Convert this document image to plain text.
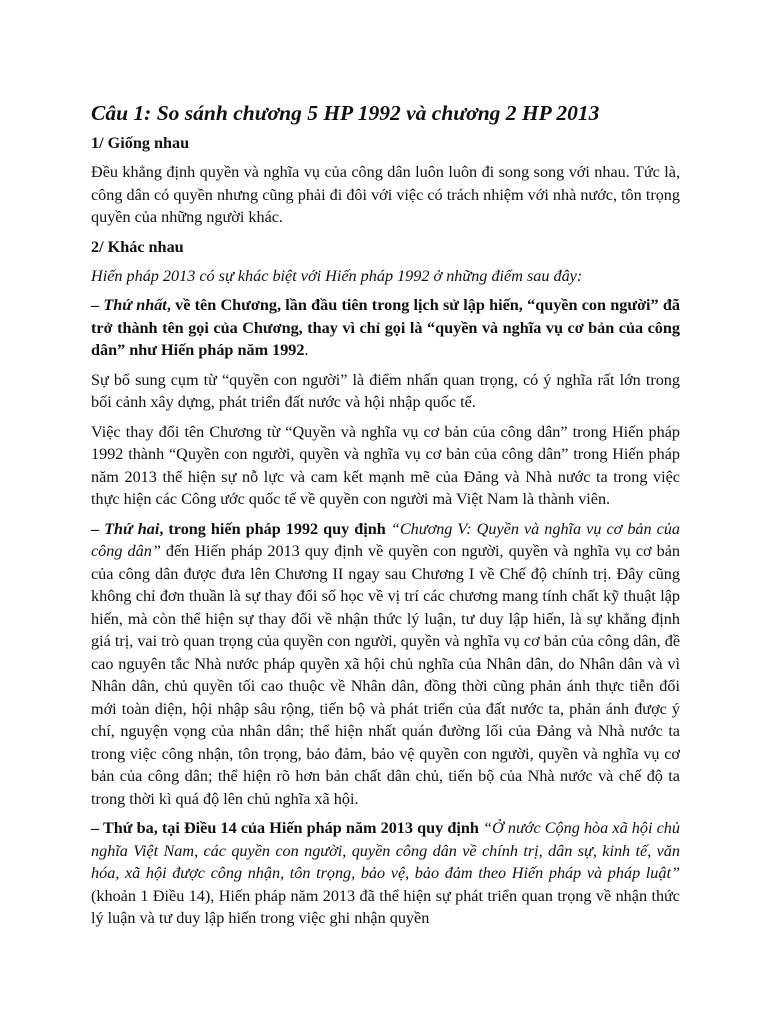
Câu 1: So sánh chương 5 HP 1992 và chương 2 HP 2013
1/ Giống nhau

Đều khẳng định quyền và nghĩa vụ của công dân luôn luôn đi song song với nhau. Tức là, công dân có quyền nhưng cũng phải đi đôi với việc có trách nhiệm với nhà nước, tôn trọng quyền của những người khác.

2/ Khác nhau

Hiến pháp 2013 có sự khác biệt với Hiến pháp 1992 ở những điểm sau đây:

– Thứ nhất, về tên Chương, lần đầu tiên trong lịch sử lập hiến, “quyền con người” đã trở thành tên gọi của Chương, thay vì chỉ gọi là “quyền và nghĩa vụ cơ bản của công dân” như Hiến pháp năm 1992.

Sự bổ sung cụm từ “quyền con người” là điểm nhấn quan trọng, có ý nghĩa rất lớn trong bối cảnh xây dựng, phát triển đất nước và hội nhập quốc tế.

Việc thay đổi tên Chương từ “Quyền và nghĩa vụ cơ bản của công dân” trong Hiến pháp 1992 thành “Quyền con người, quyền và nghĩa vụ cơ bản của công dân” trong Hiến pháp năm 2013 thể hiện sự nỗ lực và cam kết mạnh mẽ của Đảng và Nhà nước ta trong việc thực hiện các Công ước quốc tế về quyền con người mà Việt Nam là thành viên.

– Thứ hai, trong hiến pháp 1992 quy định “Chương V: Quyền và nghĩa vụ cơ bản của công dân” đến Hiến pháp 2013 quy định về quyền con người, quyền và nghĩa vụ cơ bản của công dân được đưa lên Chương II ngay sau Chương I về Chế độ chính trị. Đây cũng không chỉ đơn thuần là sự thay đổi số học về vị trí các chương mang tính chất kỹ thuật lập hiến, mà còn thể hiện sự thay đổi về nhận thức lý luận, tư duy lập hiến, là sự khẳng định giá trị, vai trò quan trọng của quyền con người, quyền và nghĩa vụ cơ bản của công dân, đề cao nguyên tắc Nhà nước pháp quyền xã hội chủ nghĩa của Nhân dân, do Nhân dân và vì Nhân dân, chủ quyền tối cao thuộc về Nhân dân, đồng thời cũng phản ánh thực tiễn đổi mới toàn diện, hội nhập sâu rộng, tiến bộ và phát triển của đất nước ta, phản ánh được ý chí, nguyện vọng của nhân dân; thể hiện nhất quán đường lối của Đảng và Nhà nước ta trong việc công nhận, tôn trọng, bảo đảm, bảo vệ quyền con người, quyền và nghĩa vụ cơ bản của công dân; thể hiện rõ hơn bản chất dân chủ, tiến bộ của Nhà nước và chế độ ta trong thời kì quá độ lên chủ nghĩa xã hội.

– Thứ ba, tại Điều 14 của Hiến pháp năm 2013 quy định “Ở nước Cộng hòa xã hội chủ nghĩa Việt Nam, các quyền con người, quyền công dân về chính trị, dân sự, kinh tế, văn hóa, xã hội được công nhận, tôn trọng, bảo vệ, bảo đảm theo Hiến pháp và pháp luật” (khoản 1 Điều 14), Hiến pháp năm 2013 đã thể hiện sự phát triển quan trọng về nhận thức lý luận và tư duy lập hiến trong việc ghi nhận quyền
